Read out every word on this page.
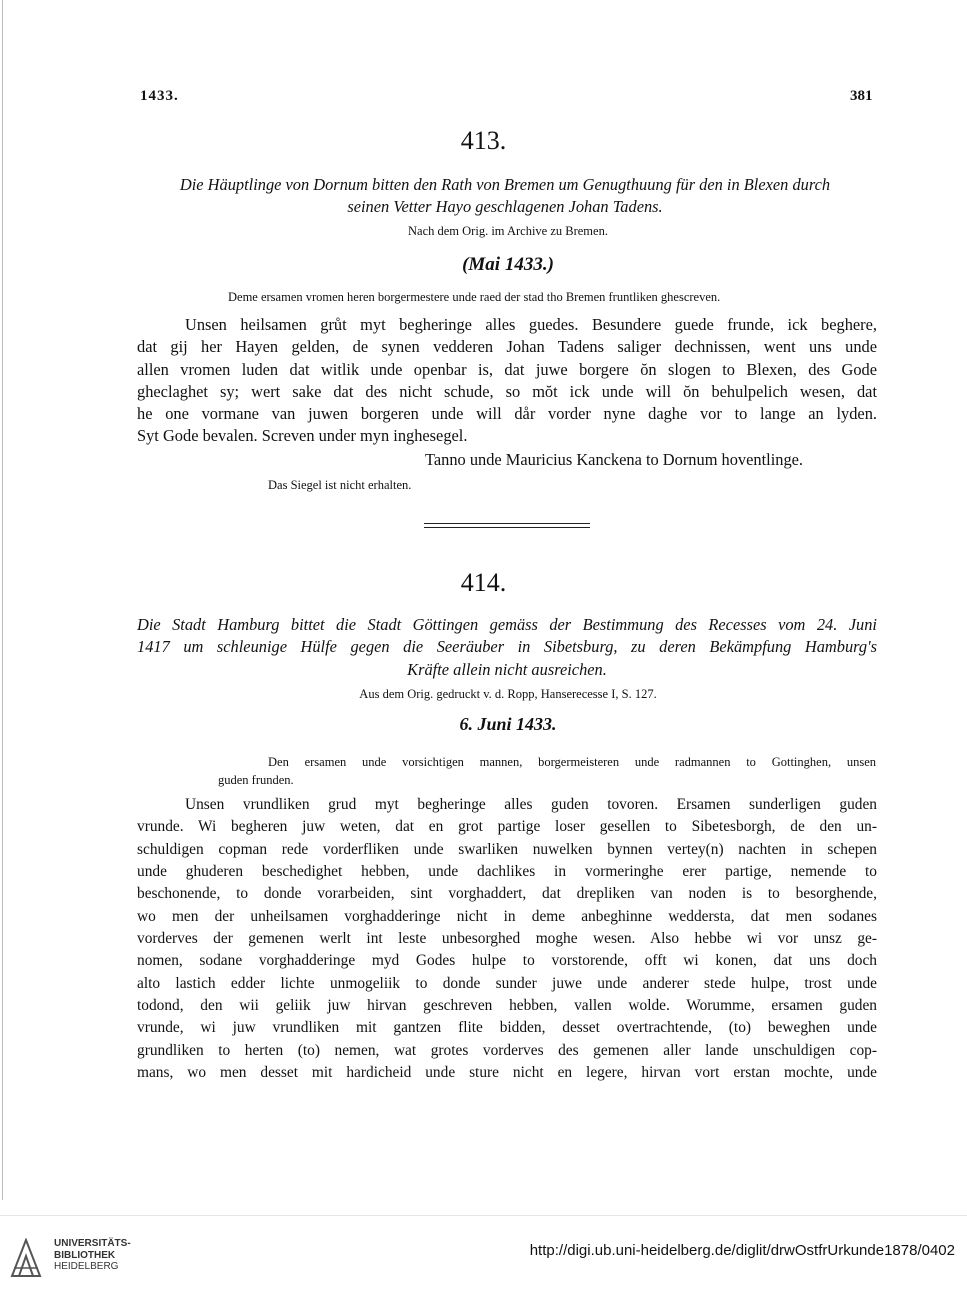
1433.	381
413.
Die Häuptlinge von Dornum bitten den Rath von Bremen um Genugthuung für den in Blexen durch
seinen Vetter Hayo geschlagenen Johan Tadens.
Nach dem Orig. im Archive zu Bremen.
(Mai 1433.)
Deme ersamen vromen heren borgermestere unde raed der stad tho Bremen fruntliken ghescreven.
Unsen heilsamen grůt myt begheringe alles guedes. Besundere guede frunde, ick beghere,
dat gij her Hayen gelden, de synen vedderen Johan Tadens saliger dechnissen, went uns unde
allen vromen luden dat witlik unde openbar is, dat juwe borgere ŏn slogen to Blexen, des Gode
gheclaghet sy; wert sake dat des nicht schude, so mŏt ick unde will ŏn behulpelich wesen, dat
he one vormane van juwen borgeren unde will dår vorder nyne daghe vor to lange an lyden.
Syt Gode bevalen. Screven under myn inghesegel.
Tanno unde Mauricius Kanckena to Dornum hoventlinge.
Das Siegel ist nicht erhalten.
414.
Die Stadt Hamburg bittet die Stadt Göttingen gemäss der Bestimmung des Recesses vom 24. Juni
1417 um schleunige Hülfe gegen die Seeräuber in Sibetsburg, zu deren Bekämpfung Hamburg's
Kräfte allein nicht ausreichen.
Aus dem Orig. gedruckt v. d. Ropp, Hanserecesse I, S. 127.
6. Juni 1433.
Den ersamen unde vorsichtigen mannen, borgermeisteren unde radmannen to Gottinghen, unsen
guden frunden.
Unsen vrundliken grud myt begheringe alles guden tovoren. Ersamen sunderligen guden
vrunde. Wi begheren juw weten, dat en grot partige loser gesellen to Sibetesborgh, de den un-
schuldigen copman rede vorderfliken unde swarliken nuwelken bynnen vertey(n) nachten in schepen
unde ghuderen beschedighet hebben, unde dachlikes in vormeringhe erer partige, nemende to
beschonende, to donde vorarbeiden, sint vorghaddert, dat drepliken van noden is to besorghende,
wo men der unheilsamen vorghadderinge nicht in deme anbeghinne weddersta, dat men sodanes
vorderves der gemenen werlt int leste unbesorghed moghe wesen. Also hebbe wi vor unsz ge-
nomen, sodane vorghadderinge myd Godes hulpe to vorstorende, offt wi konen, dat uns doch
alto lastich edder lichte unmogeliik to donde sunder juwe unde anderer stede hulpe, trost unde
todond, den wii geliik juw hirvan geschreven hebben, vallen wolde. Worumme, ersamen guden
vrunde, wi juw vrundliken mit gantzen flite bidden, desset overtrachtende, (to) beweghen unde
grundliken to herten (to) nemen, wat grotes vorderves des gemenen aller lande unschuldigen cop-
mans, wo men desset mit hardicheid unde sture nicht en legere, hirvan vort erstan mochte, unde
UNIVERSITÄTS-
BIBLIOTHEK
HEIDELBERG
http://digi.ub.uni-heidelberg.de/diglit/drwOstfrUrkunde1878/0402
